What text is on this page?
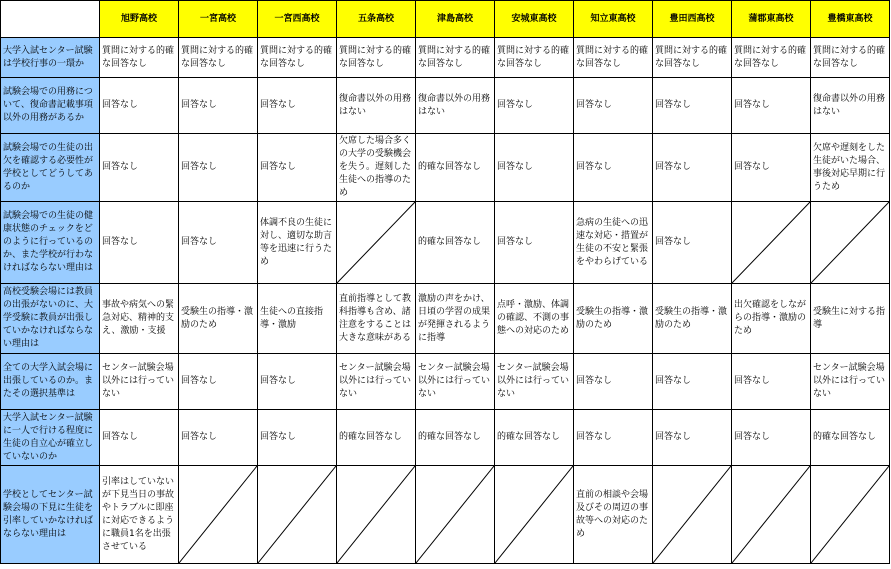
	旭野高校	一宮高校	一宮西高校	五条高校	津島高校	安城東高校	知立東高校	豊田西高校	蒲郡東高校	豊橋東高校
大学入試センター試験は学校行事の一環か	質問に対する的確な回答なし	質問に対する的確な回答なし	質問に対する的確な回答なし	質問に対する的確な回答なし	質問に対する的確な回答なし	質問に対する的確な回答なし	質問に対する的確な回答なし	質問に対する的確な回答なし	質問に対する的確な回答なし	質問に対する的確な回答なし
試験会場での用務について、復命書記載事項以外の用務があるか	回答なし	回答なし	回答なし	復命書以外の用務はない	復命書以外の用務はない	回答なし	回答なし	回答なし	回答なし	復命書以外の用務はない
試験会場での生徒の出欠を確認する必要性が学校としてどうしてあるのか	回答なし	回答なし	回答なし	欠席した場合多くの大学の受験機会を失う。遅刻した生徒への指導のため	的確な回答なし	回答なし	回答なし	回答なし	回答なし	欠席や遅刻をした生徒がいた場合、事後対応早期に行うため
試験会場での生徒の健康状態のチェックをどのように行っているのか、また学校が行わなければならない理由は	回答なし	回答なし	体調不良の生徒に対し、適切な助言等を迅速に行うため		的確な回答なし	回答なし	急病の生徒への迅速な対応・措置が生徒の不安と緊張をやわらげている	回答なし		
高校受験会場には教員の出張がないのに、大学受験に教員が出張していかなければならない理由は	事故や病気への緊急対応、精神的支え、激励・支援	受験生の指導・激励のため	生徒への直接指導・激励	直前指導として教科指導も含め、諸注意をすることは大きな意味がある	激励の声をかけ、日頃の学習の成果が発揮されるように指導	点呼・激励、体調の確認、不測の事態への対応のため	受験生の指導・激励のため	受験生の指導・激励のため	出欠確認をしながらの指導・激励のため	受験生に対する指導
全ての大学入試会場に出張しているのか。またその選択基準は	センター試験会場以外には行っていない	回答なし	回答なし	センター試験会場以外には行っていない	センター試験会場以外には行っていない	センター試験会場以外には行っていない	回答なし	回答なし	回答なし	センター試験会場以外には行っていない
大学入試センター試験に一人で行ける程度に生徒の自立心が確立していないのか	回答なし	回答なし	回答なし	的確な回答なし	的確な回答なし	的確な回答なし	回答なし	回答なし	回答なし	的確な回答なし
学校としてセンター試験会場の下見に生徒を引率していかなければならない理由は	引率はしていないが下見当日の事故やトラブルに即座に対応できるように職員1名を出張させている						直前の相談や会場及びその周辺の事故等への対応のため			
